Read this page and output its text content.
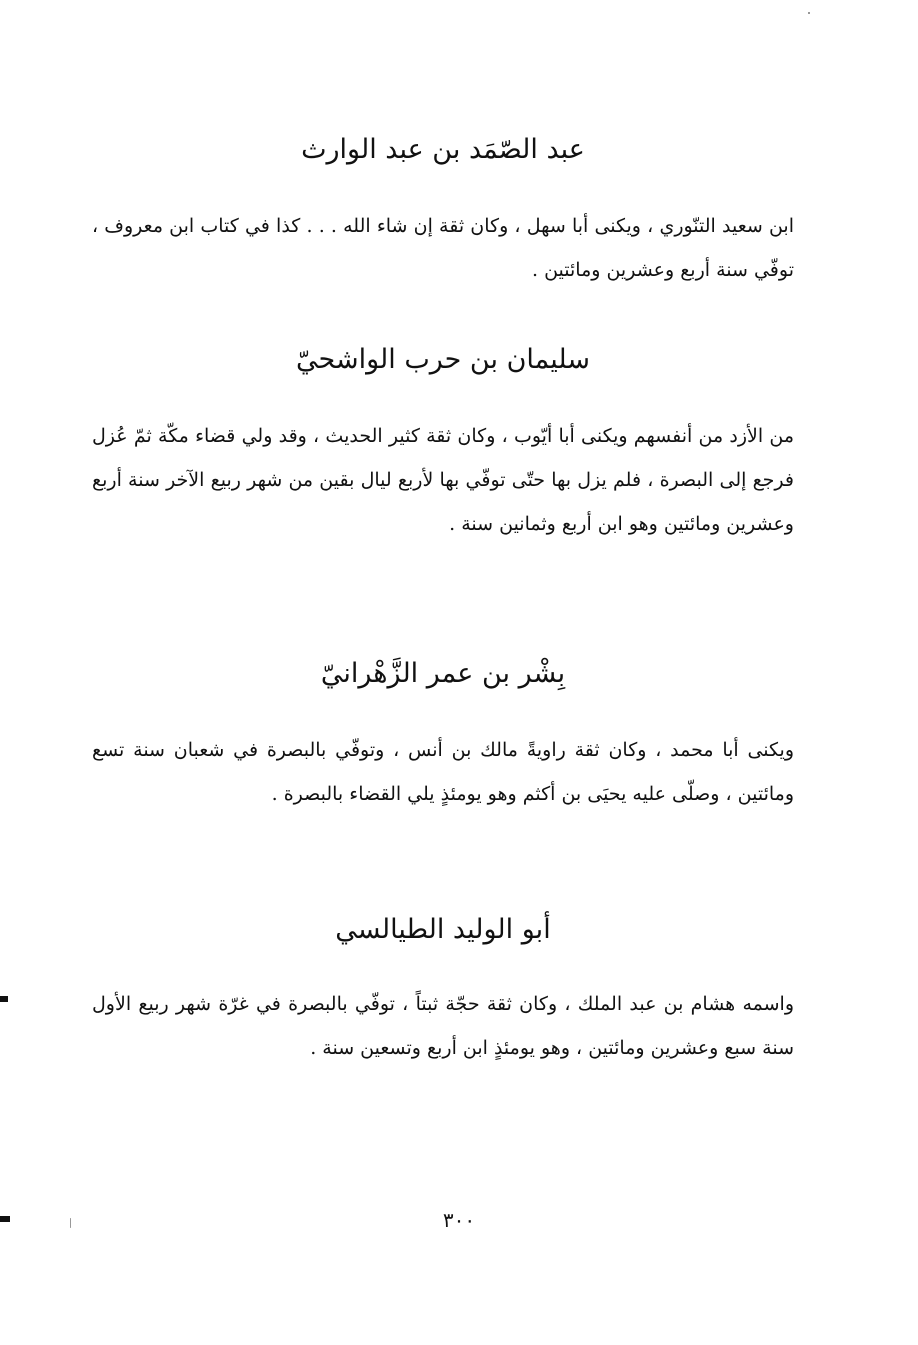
عبد الصّمَد بن عبد الوارث

ابن سعيد التنّوري ، ويكنى أبا سهل ، وكان ثقة إن شاء الله . . . كذا في كتاب ابن معروف ، توفّي سنة أربع وعشرين ومائتين .

سليمان بن حرب الواشحيّ

من الأزد من أنفسهم ويكنى أبا أيّوب ، وكان ثقة كثير الحديث ، وقد ولي قضاء مكّة ثمّ عُزل فرجع إلى البصرة ، فلم يزل بها حتّى توفّي بها لأربع ليال بقين من شهر ربيع الآخر سنة أربع وعشرين ومائتين وهو ابن أربع وثمانين سنة .

بِشْر بن عمر الزَّهْرانيّ

ويكنى أبا محمد ، وكان ثقة راويةً مالك بن أنس ، وتوفّي بالبصرة في شعبان سنة تسع ومائتين ، وصلّى عليه يحيَى بن أكثم وهو يومئذٍ يلي القضاء بالبصرة .

أبو الوليد الطيالسي

واسمه هشام بن عبد الملك ، وكان ثقة حجّة ثبتاً ، توفّي بالبصرة في غرّة شهر ربيع الأول سنة سبع وعشرين ومائتين ، وهو يومئذٍ ابن أربع وتسعين سنة .

٣٠٠
